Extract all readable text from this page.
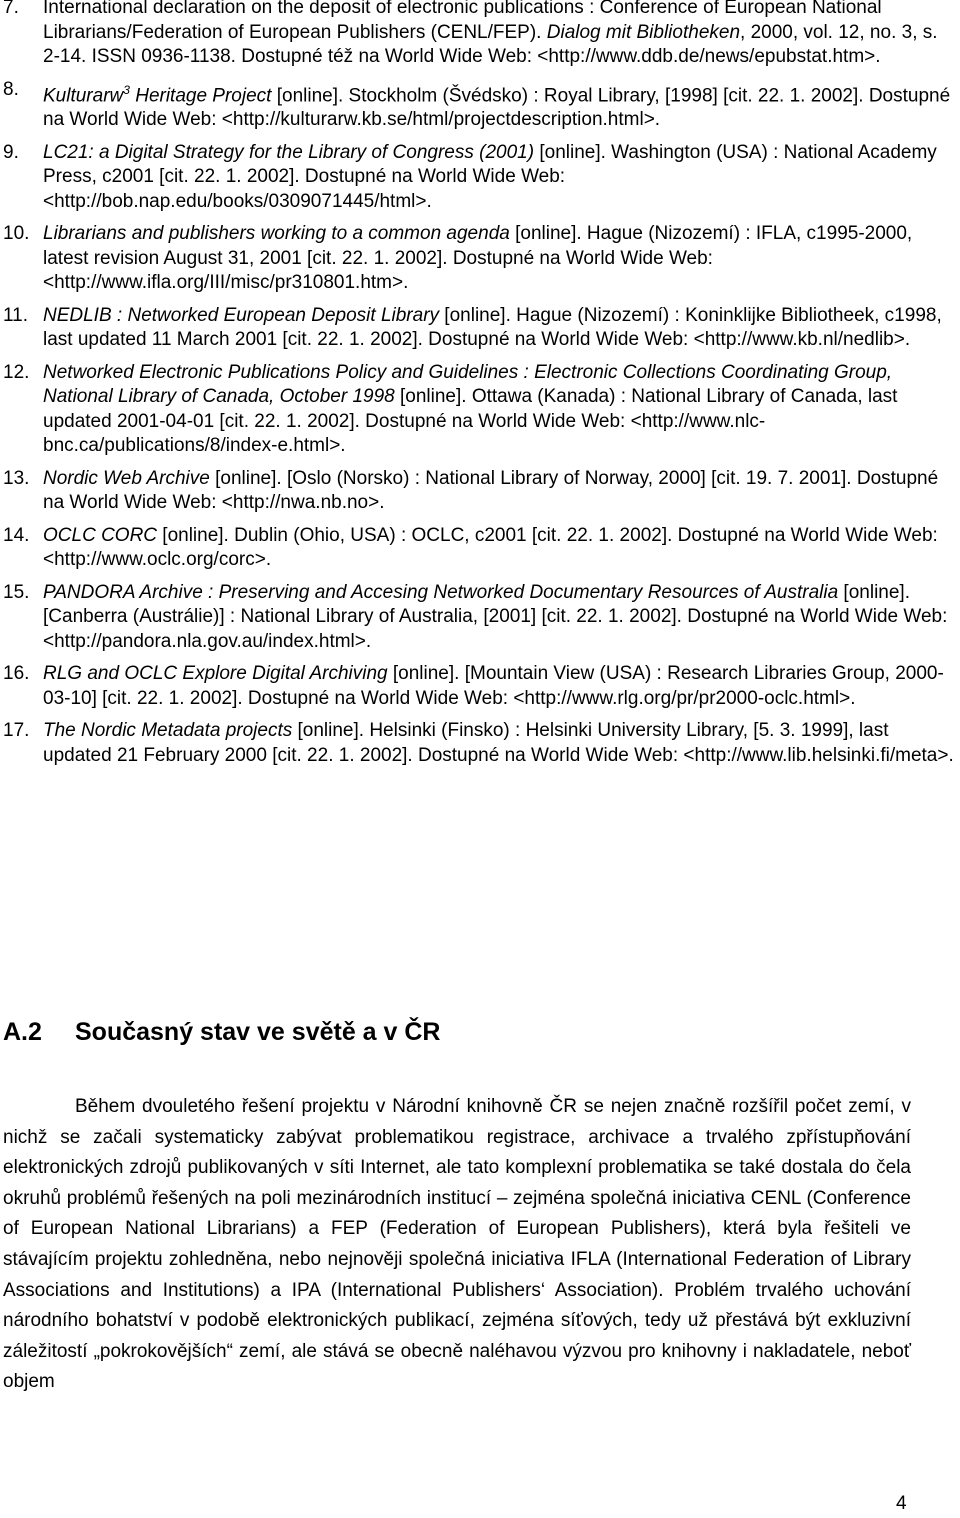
7. International declaration on the deposit of electronic publications : Conference of European National Librarians/Federation of European Publishers (CENL/FEP). Dialog mit Bibliotheken, 2000, vol. 12, no. 3, s. 2-14. ISSN 0936-1138. Dostupné též na World Wide Web: <http://www.ddb.de/news/epubstat.htm>.
8. Kulturarw$^3$ Heritage Project [online]. Stockholm (Švédsko) : Royal Library, [1998] [cit. 22. 1. 2002]. Dostupné na World Wide Web: <http://kulturarw.kb.se/html/projectdescription.html>.
9. LC21: a Digital Strategy for the Library of Congress (2001) [online]. Washington (USA) : National Academy Press, c2001 [cit. 22. 1. 2002]. Dostupné na World Wide Web: <http://bob.nap.edu/books/0309071445/html>.
10. Librarians and publishers working to a common agenda [online]. Hague (Nizozemí) : IFLA, c1995-2000, latest revision August 31, 2001 [cit. 22. 1. 2002]. Dostupné na World Wide Web: <http://www.ifla.org/III/misc/pr310801.htm>.
11. NEDLIB : Networked European Deposit Library [online]. Hague (Nizozemí) : Koninklijke Bibliotheek, c1998, last updated 11 March 2001 [cit. 22. 1. 2002]. Dostupné na World Wide Web: <http://www.kb.nl/nedlib>.
12. Networked Electronic Publications Policy and Guidelines : Electronic Collections Coordinating Group, National Library of Canada, October 1998 [online]. Ottawa (Kanada) : National Library of Canada, last updated 2001-04-01 [cit. 22. 1. 2002]. Dostupné na World Wide Web: <http://www.nlc-bnc.ca/publications/8/index-e.html>.
13. Nordic Web Archive [online]. [Oslo (Norsko) : National Library of Norway, 2000] [cit. 19. 7. 2001]. Dostupné na World Wide Web: <http://nwa.nb.no>.
14. OCLC CORC [online]. Dublin (Ohio, USA) : OCLC, c2001 [cit. 22. 1. 2002]. Dostupné na World Wide Web: <http://www.oclc.org/corc>.
15. PANDORA Archive : Preserving and Accesing Networked Documentary Resources of Australia [online]. [Canberra (Austrálie)] : National Library of Australia, [2001] [cit. 22. 1. 2002]. Dostupné na World Wide Web: <http://pandora.nla.gov.au/index.html>.
16. RLG and OCLC Explore Digital Archiving [online]. [Mountain View (USA) : Research Libraries Group, 2000-03-10] [cit. 22. 1. 2002]. Dostupné na World Wide Web: <http://www.rlg.org/pr/pr2000-oclc.html>.
17. The Nordic Metadata projects [online]. Helsinki (Finsko) : Helsinki University Library, [5. 3. 1999], last updated 21 February 2000 [cit. 22. 1. 2002]. Dostupné na World Wide Web: <http://www.lib.helsinki.fi/meta>.
A.2 Současný stav ve světě a v ČR

Během dvouletého řešení projektu v Národní knihovně ČR se nejen značně rozšířil počet zemí, v nichž se začali systematicky zabývat problematikou registrace, archivace a trvalého zpřístupňování elektronických zdrojů publikovaných v síti Internet, ale tato komplexní problematika se také dostala do čela okruhů problémů řešených na poli mezinárodních institucí – zejména společná iniciativa CENL (Conference of European National Librarians) a FEP (Federation of European Publishers), která byla řešiteli ve stávajícím projektu zohledněna, nebo nejnověji společná iniciativa IFLA (International Federation of Library Associations and Institutions) a IPA (International Publishers‘ Association). Problém trvalého uchování národního bohatství v podobě elektronických publikací, zejména síťových, tedy už přestává být exkluzivní záležitostí „pokrokovějších“ zemí, ale stává se obecně naléhavou výzvou pro knihovny i nakladatele, neboť objem

4
